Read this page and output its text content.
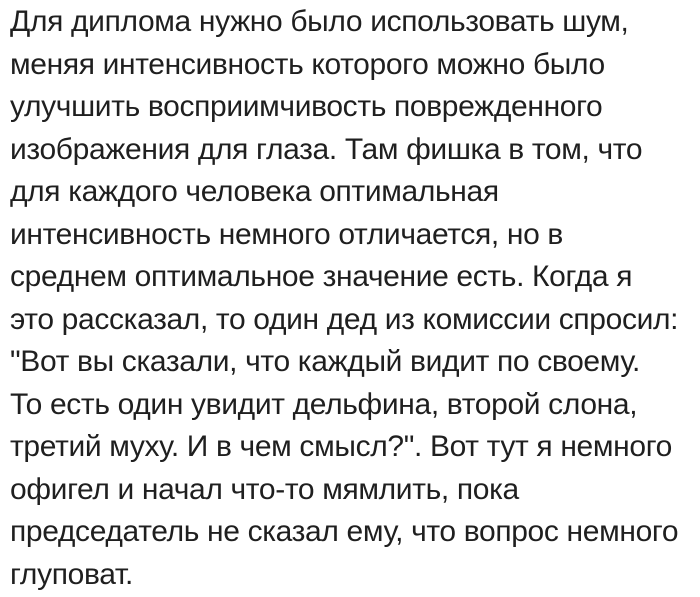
Для диплома нужно было использовать шум,
меняя интенсивность которого можно было
улучшить восприимчивость поврежденного
изображения для глаза. Там фишка в том, что
для каждого человека оптимальная
интенсивность немного отличается, но в
среднем оптимальное значение есть. Когда я
это рассказал, то один дед из комиссии спросил:
"Вот вы сказали, что каждый видит по своему.
То есть один увидит дельфина, второй слона,
третий муху. И в чем смысл?". Вот тут я немного
офигел и начал что-то мямлить, пока
председатель не сказал ему, что вопрос немного
глуповат.
